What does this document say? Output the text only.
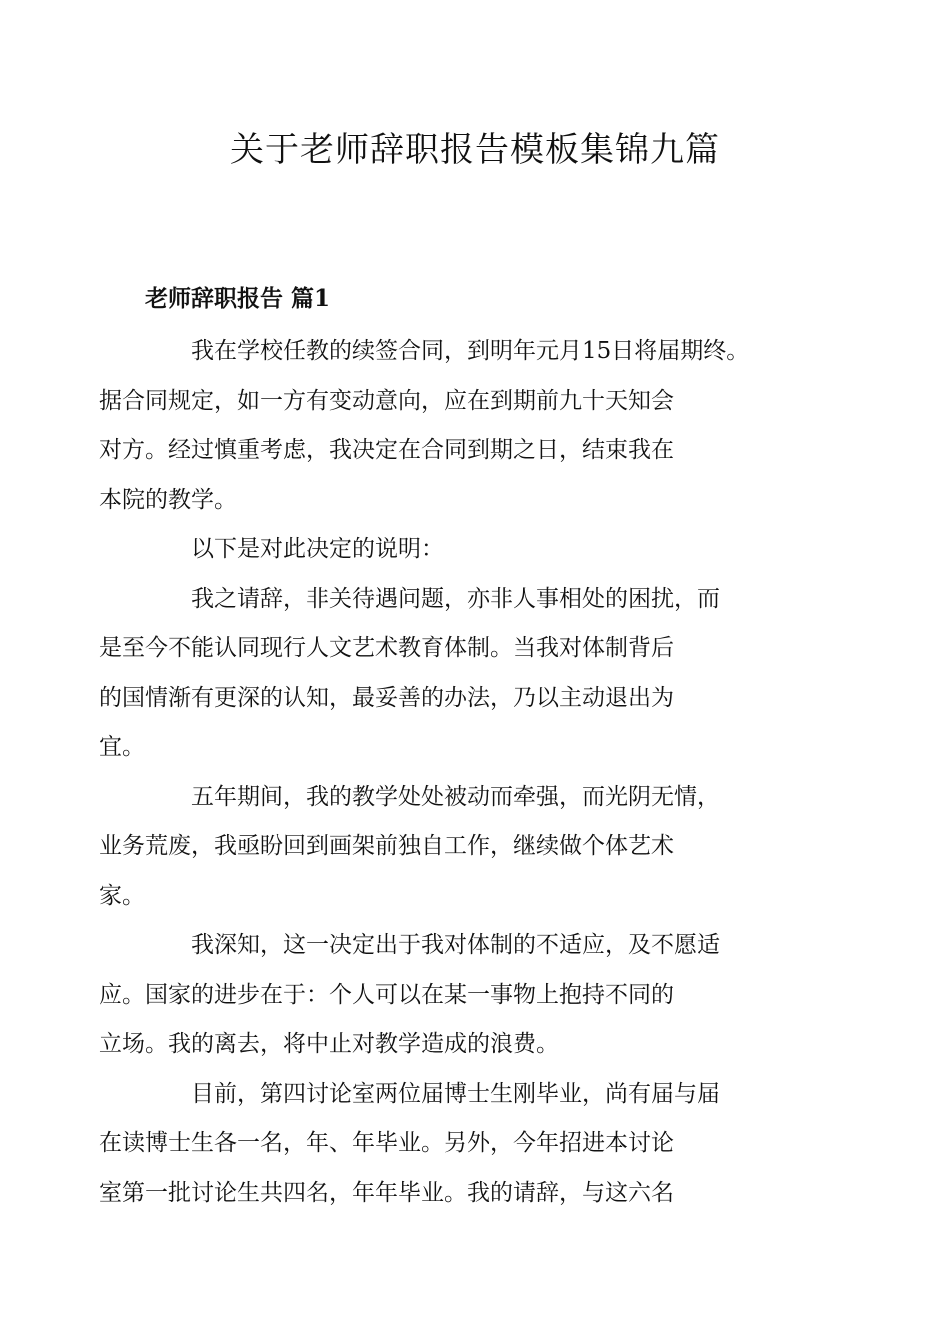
关于老师辞职报告模板集锦九篇
老师辞职报告 篇1

我在学校任教的续签合同，到明年元月15日将届期终。
据合同规定，如一方有变动意向，应在到期前九十天知会
对方。经过慎重考虑，我决定在合同到期之日，结束我在
本院的教学。

以下是对此决定的说明：

我之请辞，非关待遇问题，亦非人事相处的困扰，而
是至今不能认同现行人文艺术教育体制。当我对体制背后
的国情渐有更深的认知，最妥善的办法，乃以主动退出为
宜。

五年期间，我的教学处处被动而牵强，而光阴无情，
业务荒废，我亟盼回到画架前独自工作，继续做个体艺术
家。

我深知，这一决定出于我对体制的不适应，及不愿适
应。国家的进步在于：个人可以在某一事物上抱持不同的
立场。我的离去，将中止对教学造成的浪费。

目前，第四讨论室两位届博士生刚毕业，尚有届与届
在读博士生各一名，年、年毕业。另外，今年招进本讨论
室第一批讨论生共四名，年年毕业。我的请辞，与这六名
